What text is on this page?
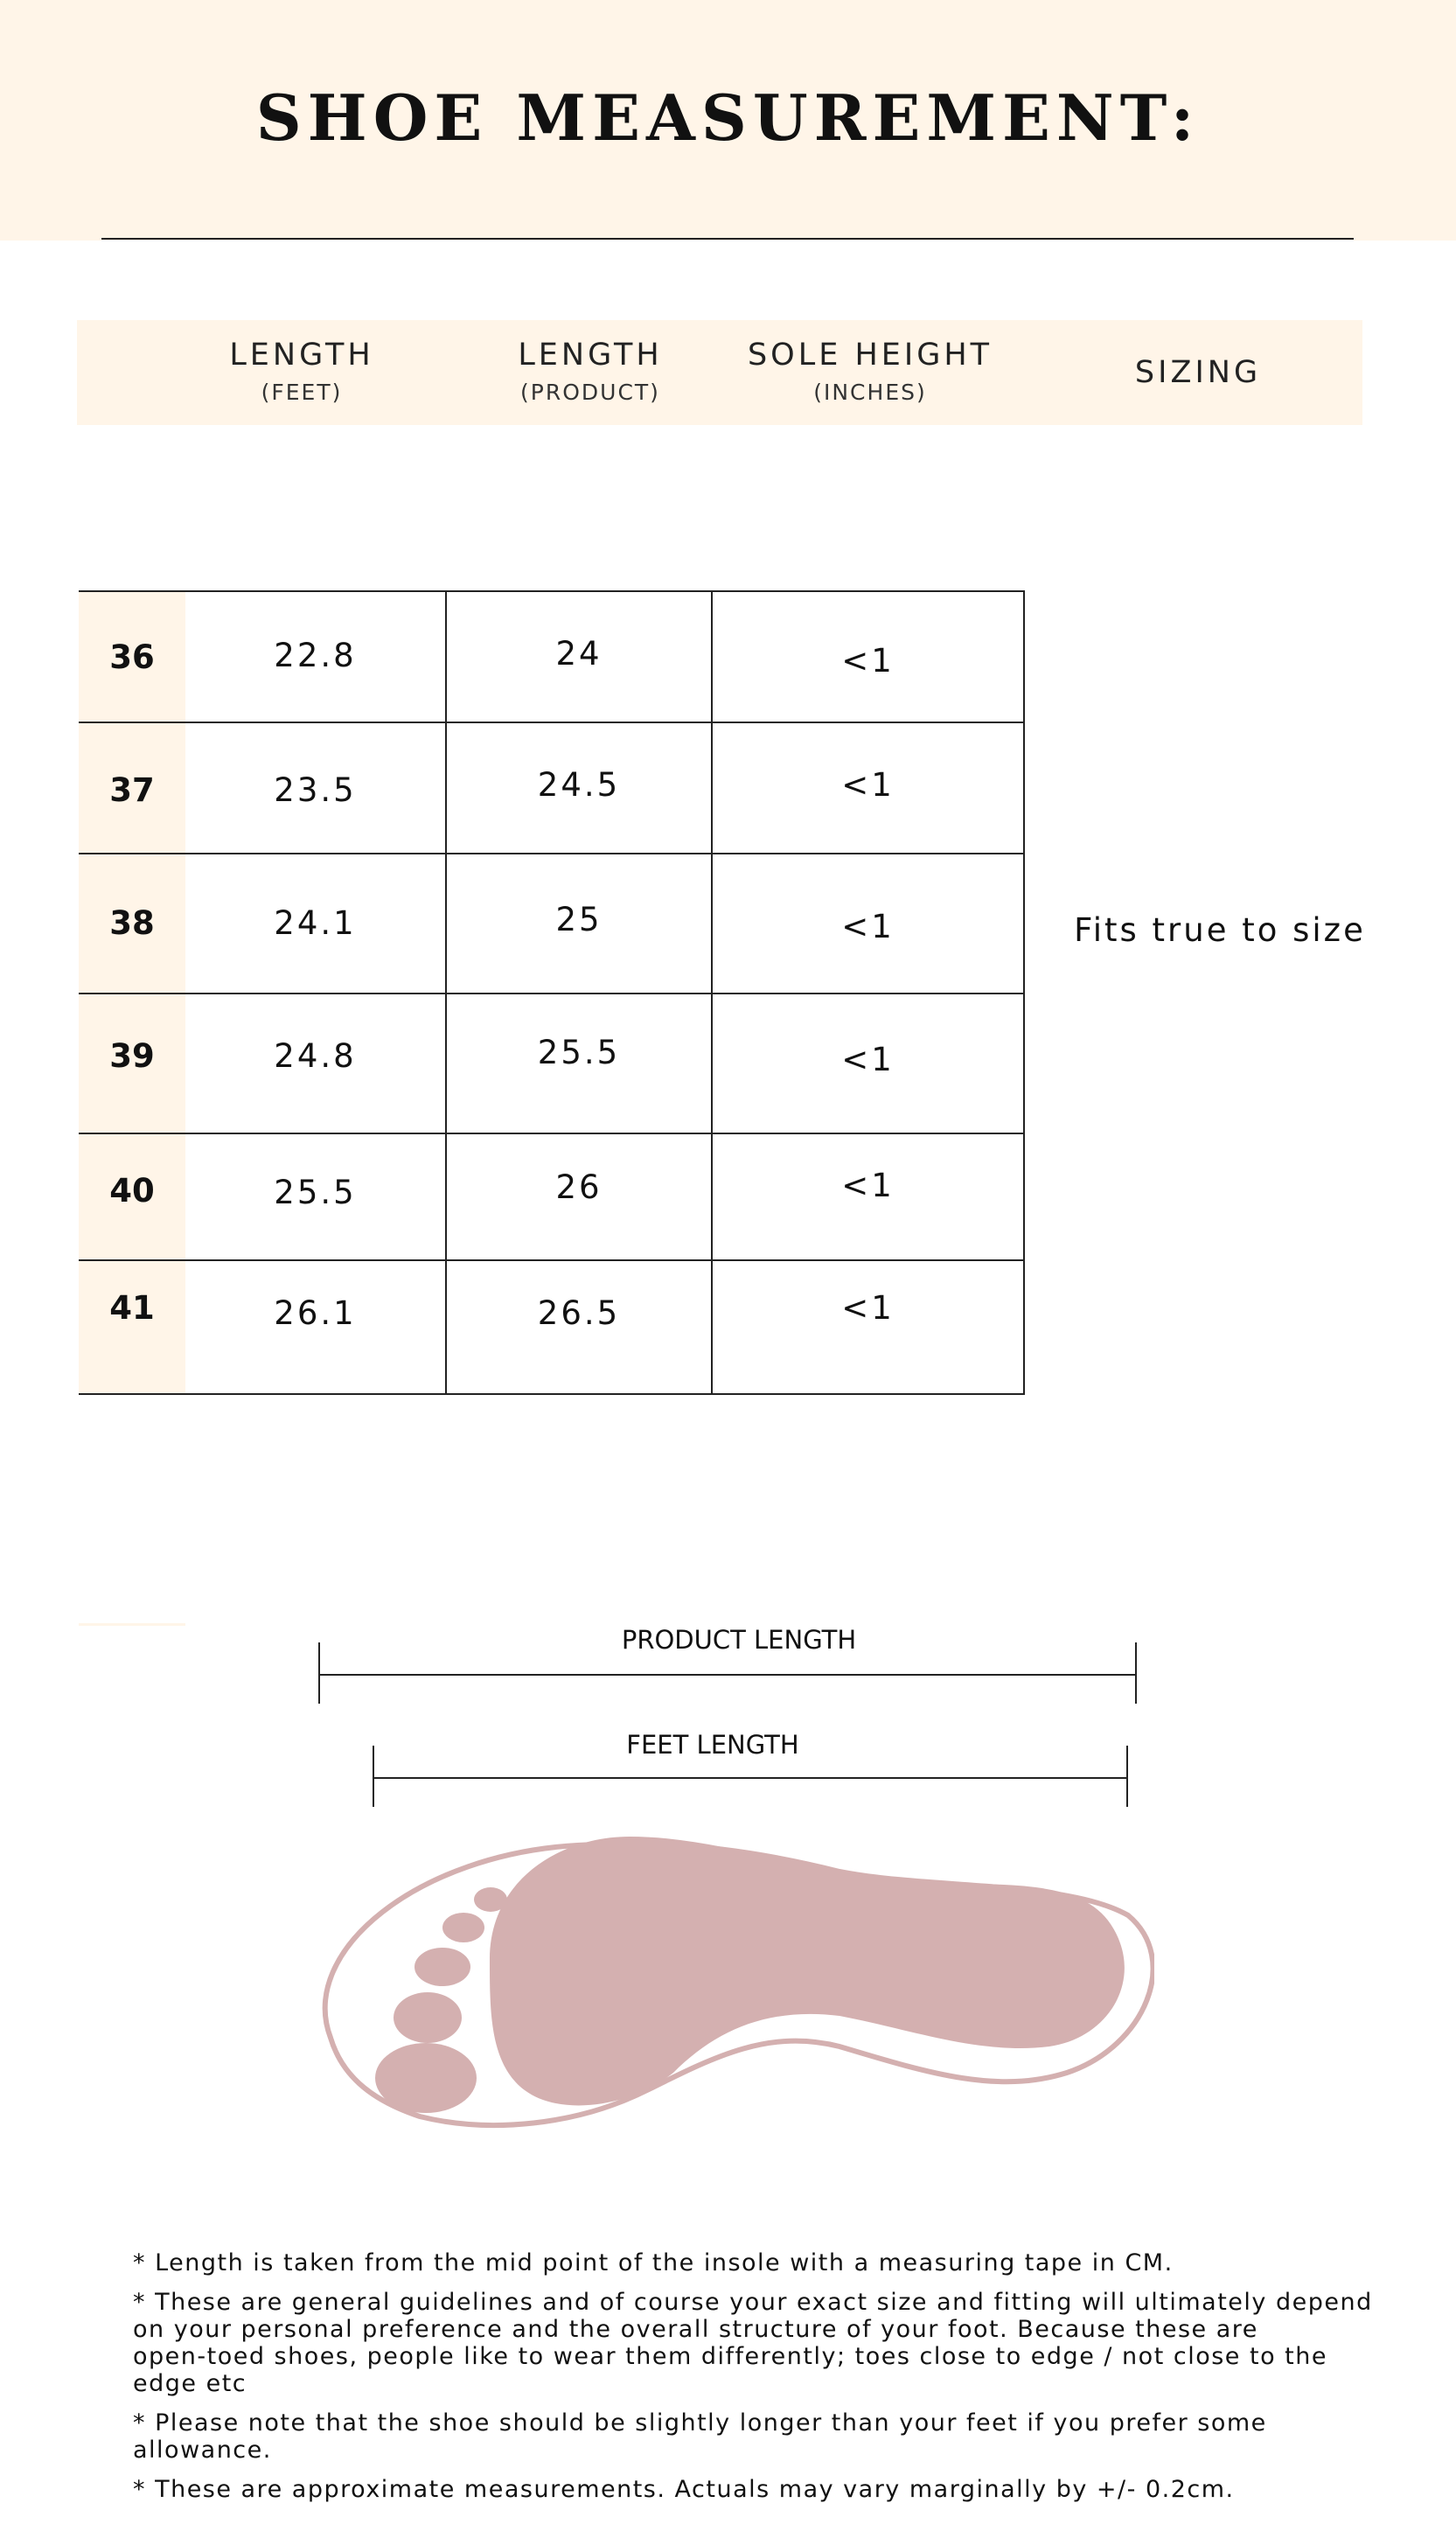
SHOE MEASUREMENT:
LENGTH
(FEET)
LENGTH
(PRODUCT)
SOLE HEIGHT
(INCHES)
SIZING
36	22.8	24	<1
37	23.5	24.5	<1
38	24.1	25	<1
39	24.8	25.5	<1
40	25.5	26	<1
41	26.1	26.5	<1
Fits true to size
PRODUCT LENGTH
FEET LENGTH
* Length is taken from the mid point of the insole with a measuring tape in CM.
* These are general guidelines and of course your exact size and fitting will ultimately depend
on your personal preference and the overall structure of your foot. Because these are
open-toed shoes, people like to wear them differently; toes close to edge / not close to the edge etc
* Please note that the shoe should be slightly longer than your feet if you prefer some allowance.
* These are approximate measurements. Actuals may vary marginally by +/- 0.2cm.
